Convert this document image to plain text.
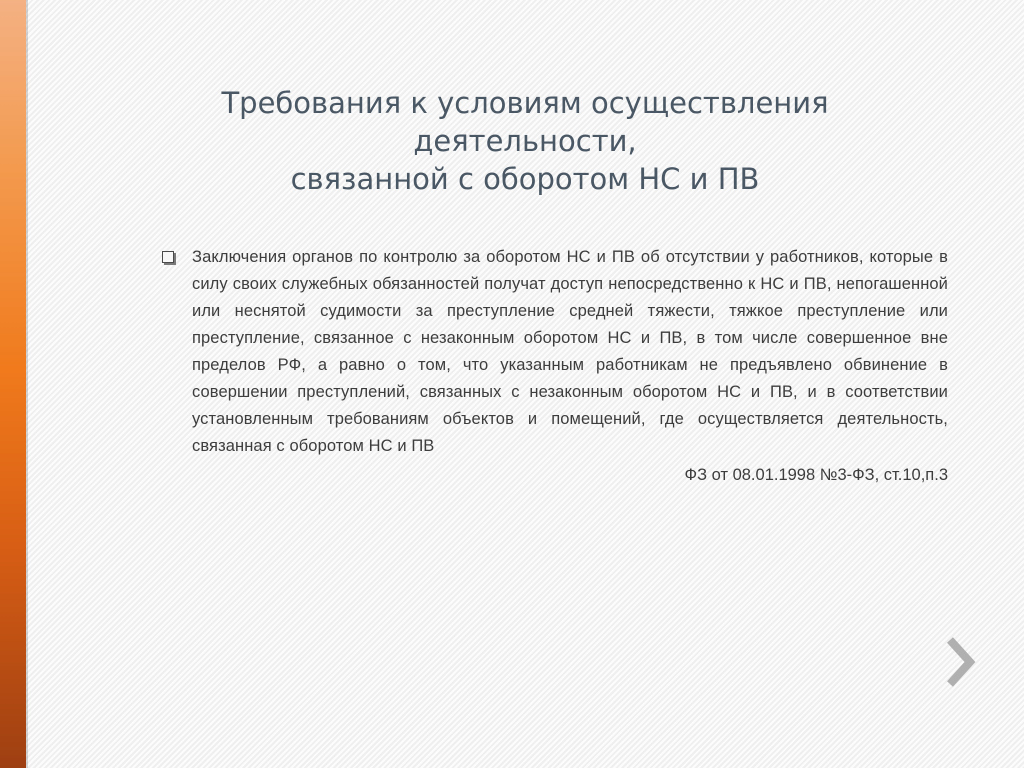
Требования к условиям осуществления деятельности,
связанной с оборотом НС и ПВ

Заключения органов по контролю за оборотом НС и ПВ об отсутствии у работников, которые в силу своих служебных обязанностей получат доступ непосредственно к НС и ПВ, непогашенной или неснятой судимости за преступление средней тяжести, тяжкое преступление или преступление, связанное с незаконным оборотом НС и ПВ, в том числе совершенное вне пределов РФ, а равно о том, что указанным работникам не предъявлено обвинение в совершении преступлений, связанных с незаконным оборотом НС и ПВ, и в соответствии установленным требованиям объектов и помещений, где осуществляется деятельность, связанная с оборотом НС и ПВ

ФЗ от 08.01.1998 №3-ФЗ, ст.10,п.3
